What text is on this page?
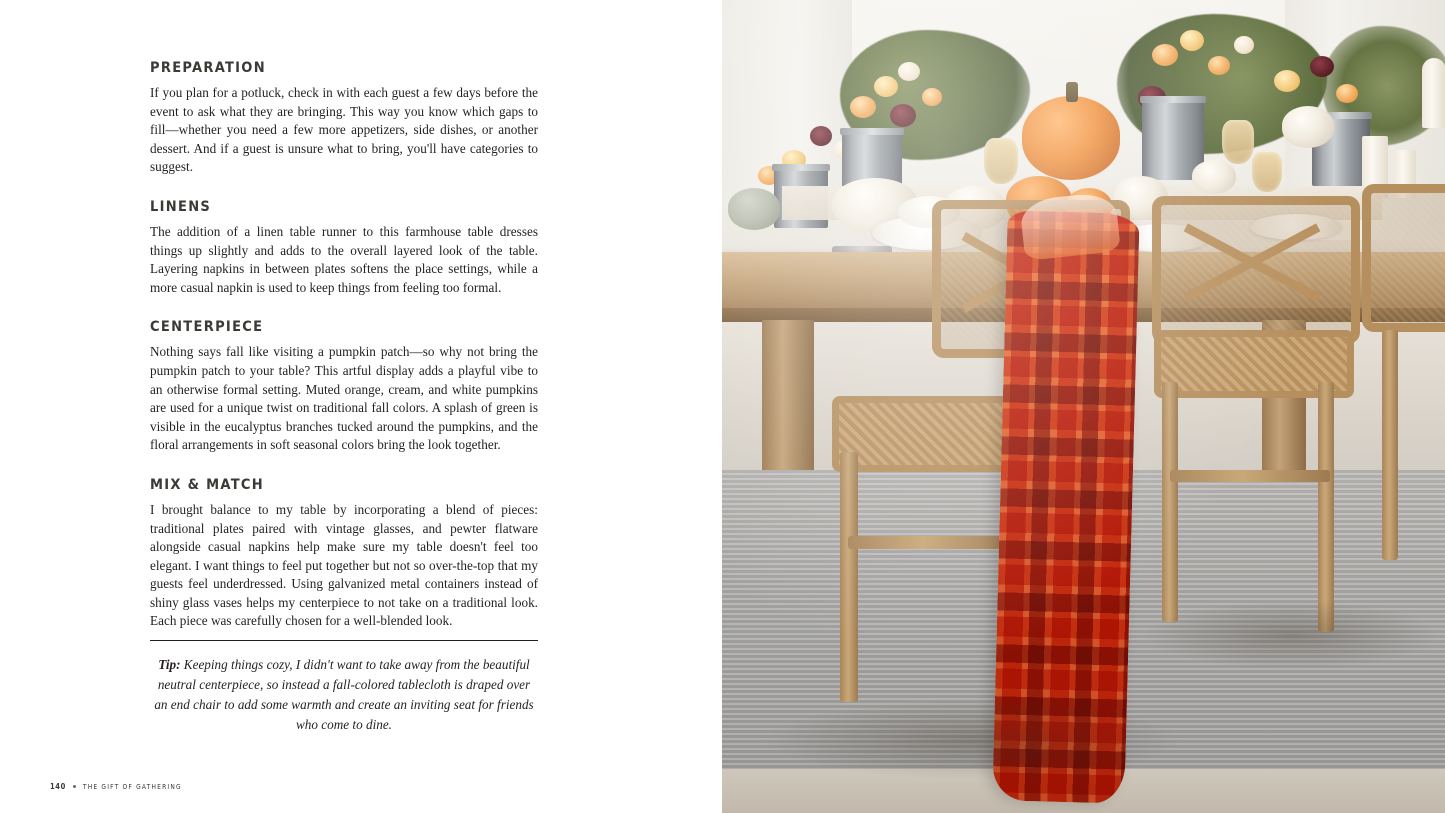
PREPARATION

If you plan for a potluck, check in with each guest a few days before the event to ask what they are bringing. This way you know which gaps to fill—whether you need a few more appetizers, side dishes, or another dessert. And if a guest is unsure what to bring, you'll have categories to suggest.

LINENS

The addition of a linen table runner to this farmhouse table dresses things up slightly and adds to the overall layered look of the table. Layering napkins in between plates softens the place settings, while a more casual napkin is used to keep things from feeling too formal.

CENTERPIECE

Nothing says fall like visiting a pumpkin patch—so why not bring the pumpkin patch to your table? This artful display adds a playful vibe to an otherwise formal setting. Muted orange, cream, and white pumpkins are used for a unique twist on traditional fall colors. A splash of green is visible in the eucalyptus branches tucked around the pumpkins, and the floral arrangements in soft seasonal colors bring the look together.

MIX & MATCH

I brought balance to my table by incorporating a blend of pieces: traditional plates paired with vintage glasses, and pewter flatware alongside casual napkins help make sure my table doesn't feel too elegant. I want things to feel put together but not so over-the-top that my guests feel underdressed. Using galvanized metal containers instead of shiny glass vases helps my centerpiece to not take on a traditional look. Each piece was carefully chosen for a well-blended look.

Tip: Keeping things cozy, I didn't want to take away from the beautiful neutral centerpiece, so instead a fall-colored tablecloth is draped over an end chair to add some warmth and create an inviting seat for friends who come to dine.

140	THE GIFT OF GATHERING
